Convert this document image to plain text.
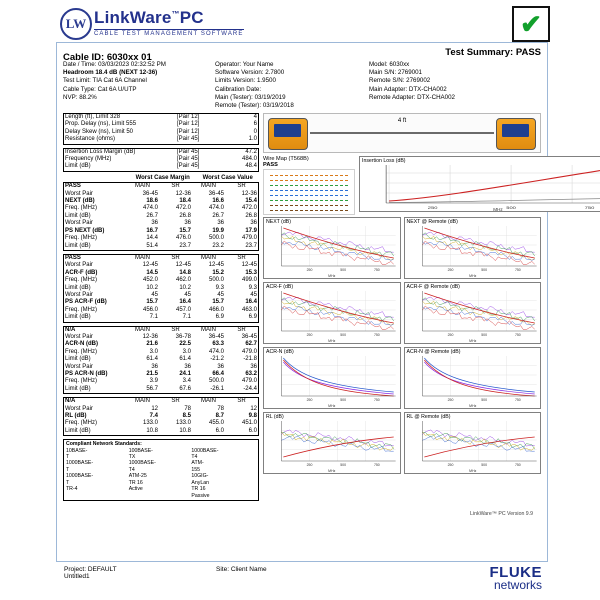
LW LinkWare™PC
CABLE TEST MANAGEMENT SOFTWARE	✔
Cable ID: 6030xx 01	Test Summary: PASS
Date / Time: 03/03/2023 02:32:52 PM
Headroom 18.4 dB (NEXT 12-36)
Test Limit: TIA Cat 6A Channel
Cable Type: Cat 6A U/UTP
NVP: 88.2%
Operator: Your Name
Software Version: 2.7800
Limits Version: 1.9500
Calibration Date:
Main (Tester): 03/19/2019
Remote (Tester): 03/19/2018
Model: 6030xx
Main S/N: 2769001
Remote S/N: 2769002
Main Adapter: DTX-CHA002
Remote Adapter: DTX-CHA002
Length (ft), Limit 328	[Pair 12]	4
Prop. Delay (ns), Limit 555	[Pair 12]	6
Delay Skew (ns), Limit 50	[Pair 12]	0
Resistance (ohms)	[Pair 45]	1.0
Insertion Loss Margin (dB)	[Pair 45]	47.2
Frequency (MHz)	[Pair 45]	484.0
Limit (dB)	[Pair 45]	48.4
	Worst Case Margin	Worst Case Value
PASS	MAIN	SR	MAIN	SR
Worst Pair	36-45	12-36	36-45	12-36
NEXT (dB)	18.6	18.4	16.6	15.4
Freq. (MHz)	474.0	472.0	474.0	472.0
Limit (dB)	26.7	26.8	26.7	26.8
Worst Pair	36	36	36	36
PS NEXT (dB)	16.7	15.7	19.9	17.9
Freq. (MHz)	14.4	476.0	500.0	479.0
Limit (dB)	51.4	23.7	23.2	23.7
PASS	MAIN	SR	MAIN	SR
Worst Pair	12-45	12-45	12-45	12-45
ACR-F (dB)	14.5	14.8	15.2	15.3
Freq. (MHz)	452.0	462.0	500.0	499.0
Limit (dB)	10.2	10.2	9.3	9.3
Worst Pair	45	45	45	45
PS ACR-F (dB)	15.7	16.4	15.7	16.4
Freq. (MHz)	456.0	457.0	466.0	463.0
Limit (dB)	7.1	7.1	6.9	6.9
N/A	MAIN	SR	MAIN	SR
Worst Pair	12-36	36-78	36-45	36-45
ACR-N (dB)	21.6	22.5	63.3	62.7
Freq. (MHz)	3.0	3.0	474.0	479.0
Limit (dB)	61.4	61.4	-21.2	-21.8
Worst Pair	36	36	36	36
PS ACR-N (dB)	21.5	24.1	66.4	63.2
Freq. (MHz)	3.9	3.4	500.0	479.0
Limit (dB)	56.7	67.6	-26.1	-24.4
N/A	MAIN	SR	MAIN	SR
Worst Pair	12	78	78	12
RL (dB)	7.4	8.5	8.7	9.8
Freq. (MHz)	133.0	133.0	455.0	451.0
Limit (dB)	10.8	10.8	6.0	6.0
Compliant Network Standards:
10BASE-T
1000BASE-T
1000BASE-T
TR-4
100BASE-TX
1000BASE-T4
ATM-25
TR 16 Active
1000BASE-T4
ATM-155
10GIG-AnyLan
TR 16 Passive
4 ft
Wire Map (T568B)
PASS
Insertion Loss (dB)
250	500	750
MHz
NEXT (dB)
250	500	750
MHz
NEXT @ Remote (dB)
250	500	750
MHz
ACR-F (dB)
250	500	750
MHz
ACR-F @ Remote (dB)
250	500	750
MHz
ACR-N (dB)
250	500	750
MHz
ACR-N @ Remote (dB)
250	500	750
MHz
RL (dB)
250	500	750
MHz
RL @ Remote (dB)
250	500	750
MHz
LinkWare™ PC Version 9.9
Project: DEFAULT
Untitled1
Site: Client Name	FLUKE
networks
